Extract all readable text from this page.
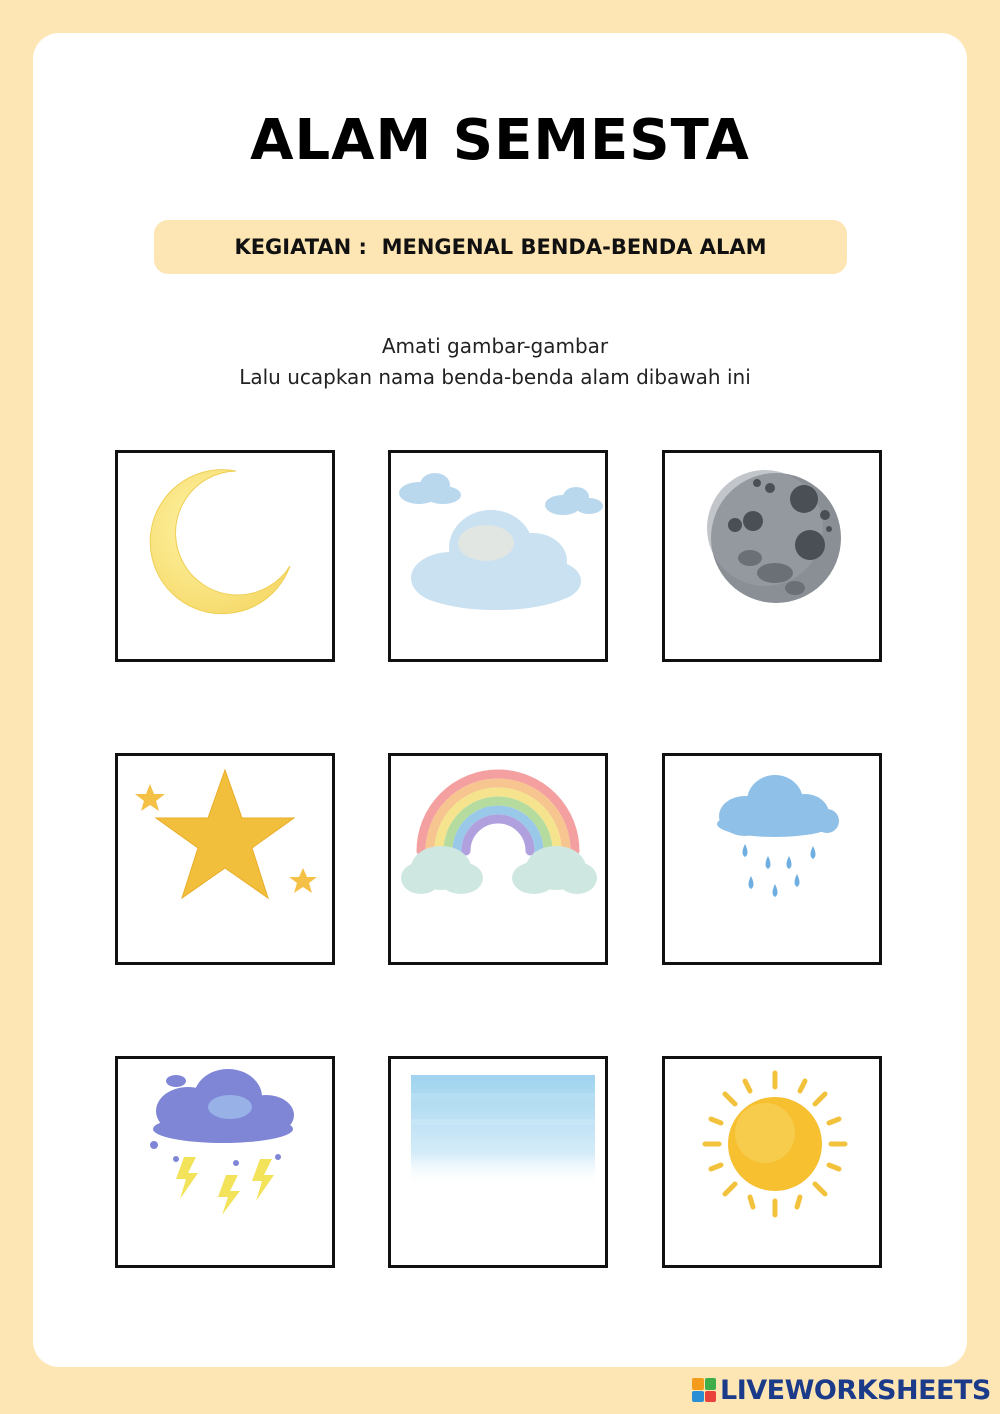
ALAM SEMESTA
KEGIATAN :  MENGENAL BENDA-BENDA ALAM
Amati gambar-gambar
Lalu ucapkan nama benda-benda alam dibawah ini
LIVEWORKSHEETS
